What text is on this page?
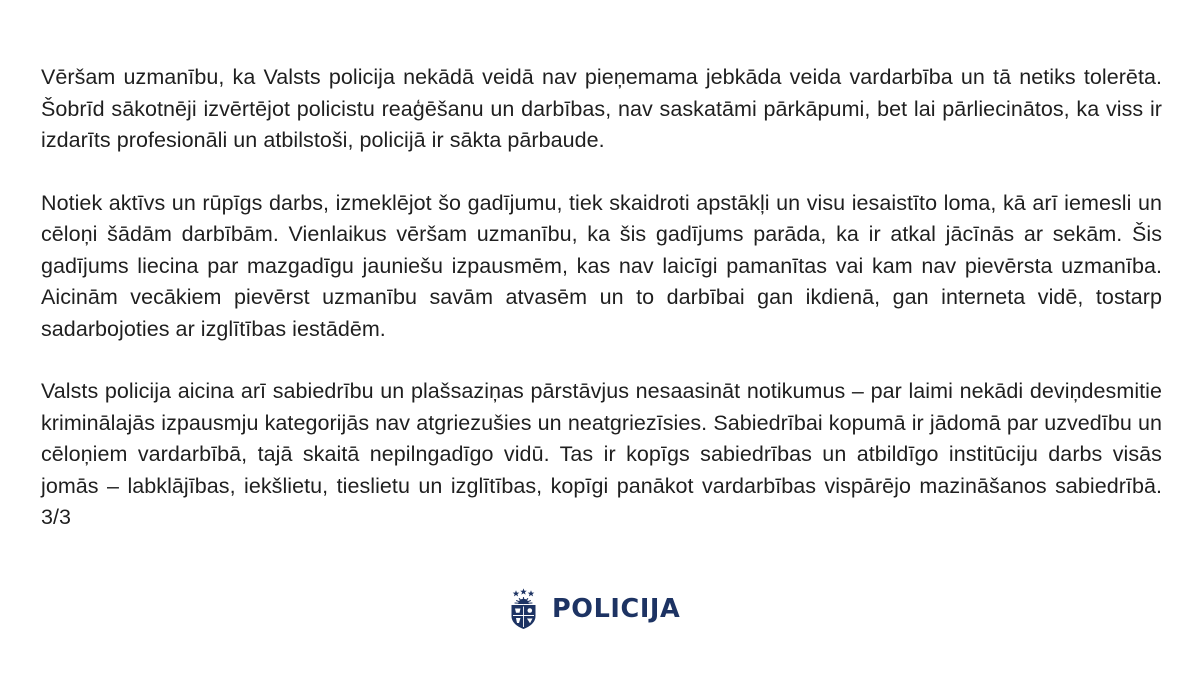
Vēršam uzmanību, ka Valsts policija nekādā veidā nav pieņemama jebkāda veida vardarbība un tā netiks tolerēta. Šobrīd sākotnēji izvērtējot policistu reaģēšanu un darbības, nav saskatāmi pārkāpumi, bet lai pārliecinātos, ka viss ir izdarīts profesionāli un atbilstoši, policijā ir sākta pārbaude.

Notiek aktīvs un rūpīgs darbs, izmeklējot šo gadījumu, tiek skaidroti apstākļi un visu iesaistīto loma, kā arī iemesli un cēloņi šādām darbībām. Vienlaikus vēršam uzmanību, ka šis gadījums parāda, ka ir atkal jācīnās ar sekām. Šis gadījums liecina par mazgadīgu jauniešu izpausmēm, kas nav laicīgi pamanītas vai kam nav pievērsta uzmanība. Aicinām vecākiem pievērst uzmanību savām atvasēm un to darbībai gan ikdienā, gan interneta vidē, tostarp sadarbojoties ar izglītības iestādēm.

Valsts policija aicina arī sabiedrību un plašsaziņas pārstāvjus nesaasināt notikumus – par laimi nekādi deviņdesmitie kriminālajās izpausmju kategorijās nav atgriezušies un neatgriezīsies. Sabiedrībai kopumā ir jādomā par uzvedību un cēloņiem vardarbībā, tajā skaitā nepilngadīgo vidū. Tas ir kopīgs sabiedrības un atbildīgo institūciju darbs visās jomās – labklājības, iekšlietu, tieslietu un izglītības, kopīgi panākot vardarbības vispārējo mazināšanos sabiedrībā. 3/3

POLICIJA
